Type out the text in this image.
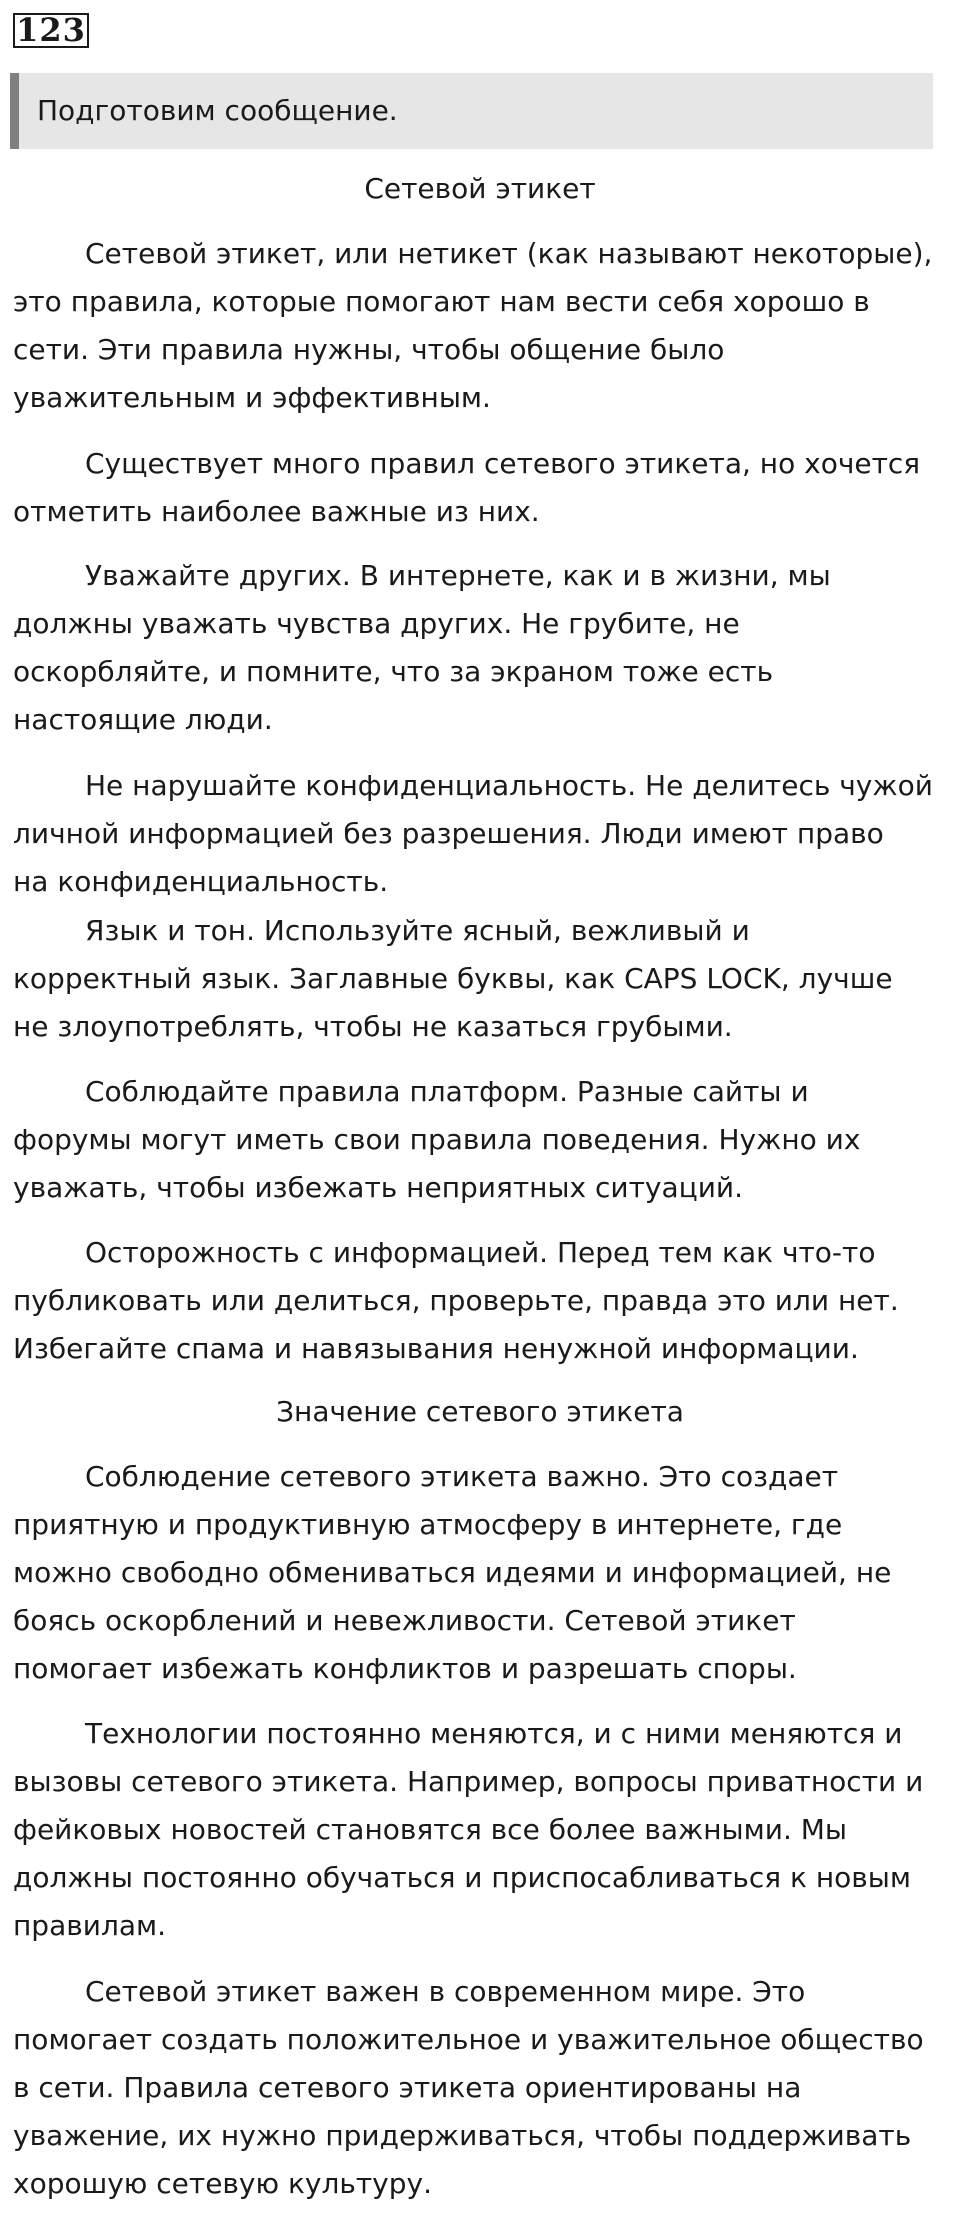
123
Подготовим сообщение.
Сетевой этикет
Сетевой этикет, или нетикет (как называют некоторые),
это правила, которые помогают нам вести себя хорошо в
сети. Эти правила нужны, чтобы общение было
уважительным и эффективным.
Существует много правил сетевого этикета, но хочется
отметить наиболее важные из них.
Уважайте других. В интернете, как и в жизни, мы
должны уважать чувства других. Не грубите, не
оскорбляйте, и помните, что за экраном тоже есть
настоящие люди.
Не нарушайте конфиденциальность. Не делитесь чужой
личной информацией без разрешения. Люди имеют право
на конфиденциальность.
Язык и тон. Используйте ясный, вежливый и
корректный язык. Заглавные буквы, как CAPS LOCK, лучше
не злоупотреблять, чтобы не казаться грубыми.
Соблюдайте правила платформ. Разные сайты и
форумы могут иметь свои правила поведения. Нужно их
уважать, чтобы избежать неприятных ситуаций.
Осторожность с информацией. Перед тем как что-то
публиковать или делиться, проверьте, правда это или нет.
Избегайте спама и навязывания ненужной информации.
Значение сетевого этикета
Соблюдение сетевого этикета важно. Это создает
приятную и продуктивную атмосферу в интернете, где
можно свободно обмениваться идеями и информацией, не
боясь оскорблений и невежливости. Сетевой этикет
помогает избежать конфликтов и разрешать споры.
Технологии постоянно меняются, и с ними меняются и
вызовы сетевого этикета. Например, вопросы приватности и
фейковых новостей становятся все более важными. Мы
должны постоянно обучаться и приспосабливаться к новым
правилам.
Сетевой этикет важен в современном мире. Это
помогает создать положительное и уважительное общество
в сети. Правила сетевого этикета ориентированы на
уважение, их нужно придерживаться, чтобы поддерживать
хорошую сетевую культуру.
